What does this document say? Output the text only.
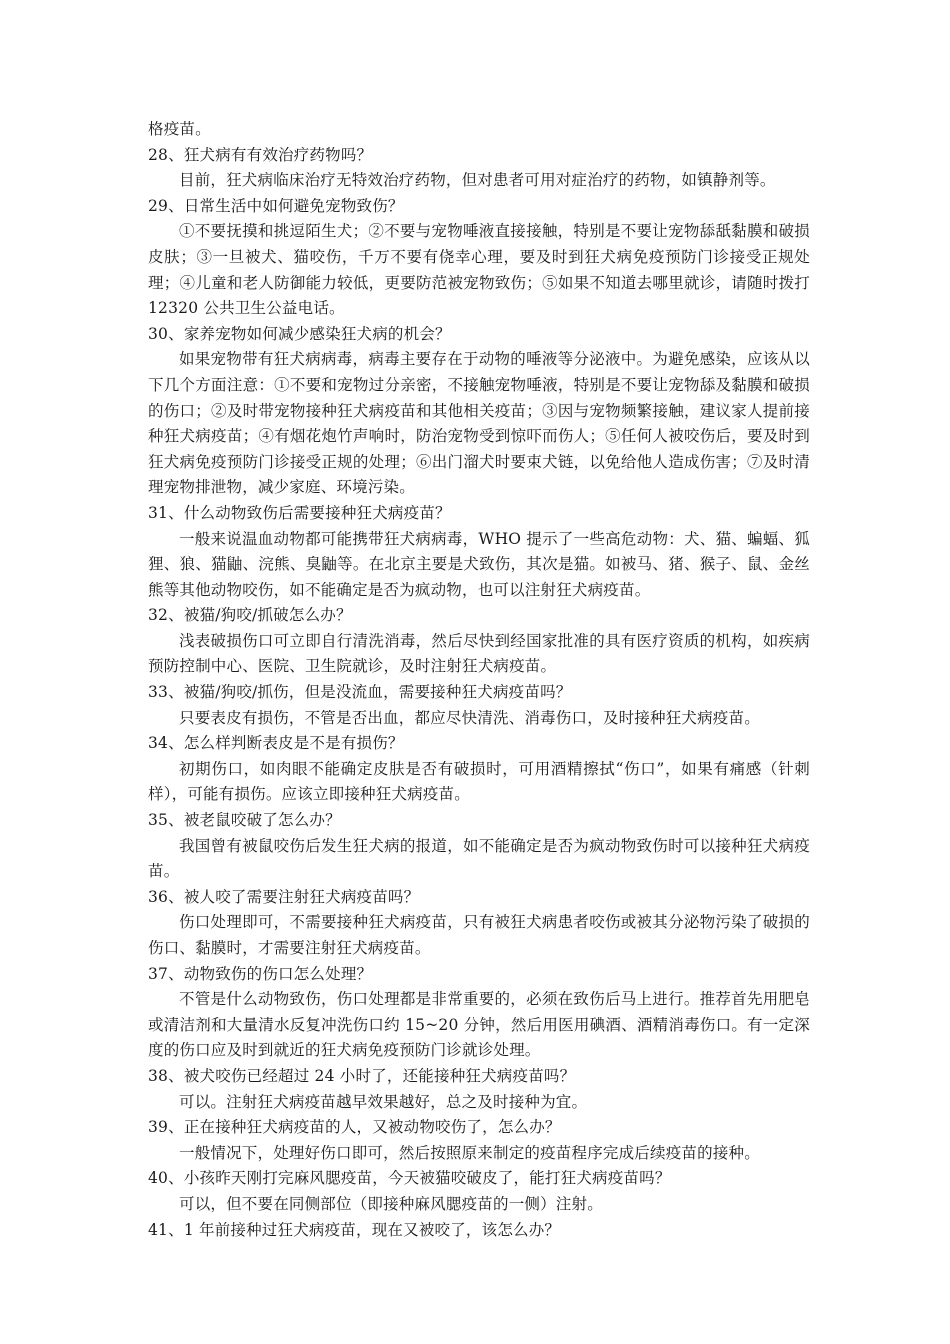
格疫苗。

28、狂犬病有有效治疗药物吗？

目前，狂犬病临床治疗无特效治疗药物，但对患者可用对症治疗的药物，如镇静剂等。

29、日常生活中如何避免宠物致伤？

①不要抚摸和挑逗陌生犬；②不要与宠物唾液直接接触，特别是不要让宠物舔舐黏膜和破损皮肤；③一旦被犬、猫咬伤，千万不要有侥幸心理，要及时到狂犬病免疫预防门诊接受正规处理；④儿童和老人防御能力较低，更要防范被宠物致伤；⑤如果不知道去哪里就诊，请随时拨打 12320 公共卫生公益电话。

30、家养宠物如何减少感染狂犬病的机会？

如果宠物带有狂犬病病毒，病毒主要存在于动物的唾液等分泌液中。为避免感染，应该从以下几个方面注意：①不要和宠物过分亲密，不接触宠物唾液，特别是不要让宠物舔及黏膜和破损的伤口；②及时带宠物接种狂犬病疫苗和其他相关疫苗；③因与宠物频繁接触，建议家人提前接种狂犬病疫苗；④有烟花炮竹声响时，防治宠物受到惊吓而伤人；⑤任何人被咬伤后，要及时到狂犬病免疫预防门诊接受正规的处理；⑥出门溜犬时要束犬链，以免给他人造成伤害；⑦及时清理宠物排泄物，减少家庭、环境污染。

31、什么动物致伤后需要接种狂犬病疫苗？

一般来说温血动物都可能携带狂犬病病毒，WHO 提示了一些高危动物：犬、猫、蝙蝠、狐狸、狼、猫鼬、浣熊、臭鼬等。在北京主要是犬致伤，其次是猫。如被马、猪、猴子、鼠、金丝熊等其他动物咬伤，如不能确定是否为疯动物，也可以注射狂犬病疫苗。

32、被猫/狗咬/抓破怎么办？

浅表破损伤口可立即自行清洗消毒，然后尽快到经国家批准的具有医疗资质的机构，如疾病预防控制中心、医院、卫生院就诊，及时注射狂犬病疫苗。

33、被猫/狗咬/抓伤，但是没流血，需要接种狂犬病疫苗吗？

只要表皮有损伤，不管是否出血，都应尽快清洗、消毒伤口，及时接种狂犬病疫苗。

34、怎么样判断表皮是不是有损伤？

初期伤口，如肉眼不能确定皮肤是否有破损时，可用酒精擦拭“伤口”，如果有痛感（针刺样），可能有损伤。应该立即接种狂犬病疫苗。

35、被老鼠咬破了怎么办？

我国曾有被鼠咬伤后发生狂犬病的报道，如不能确定是否为疯动物致伤时可以接种狂犬病疫苗。

36、被人咬了需要注射狂犬病疫苗吗？

伤口处理即可，不需要接种狂犬病疫苗，只有被狂犬病患者咬伤或被其分泌物污染了破损的伤口、黏膜时，才需要注射狂犬病疫苗。

37、动物致伤的伤口怎么处理？

不管是什么动物致伤，伤口处理都是非常重要的，必须在致伤后马上进行。推荐首先用肥皂或清洁剂和大量清水反复冲洗伤口约 15~20 分钟，然后用医用碘酒、酒精消毒伤口。有一定深度的伤口应及时到就近的狂犬病免疫预防门诊就诊处理。

38、被犬咬伤已经超过 24 小时了，还能接种狂犬病疫苗吗？

可以。注射狂犬病疫苗越早效果越好，总之及时接种为宜。

39、正在接种狂犬病疫苗的人，又被动物咬伤了，怎么办？

一般情况下，处理好伤口即可，然后按照原来制定的疫苗程序完成后续疫苗的接种。

40、小孩昨天刚打完麻风腮疫苗，今天被猫咬破皮了，能打狂犬病疫苗吗？

可以，但不要在同侧部位（即接种麻风腮疫苗的一侧）注射。

41、1 年前接种过狂犬病疫苗，现在又被咬了，该怎么办？
